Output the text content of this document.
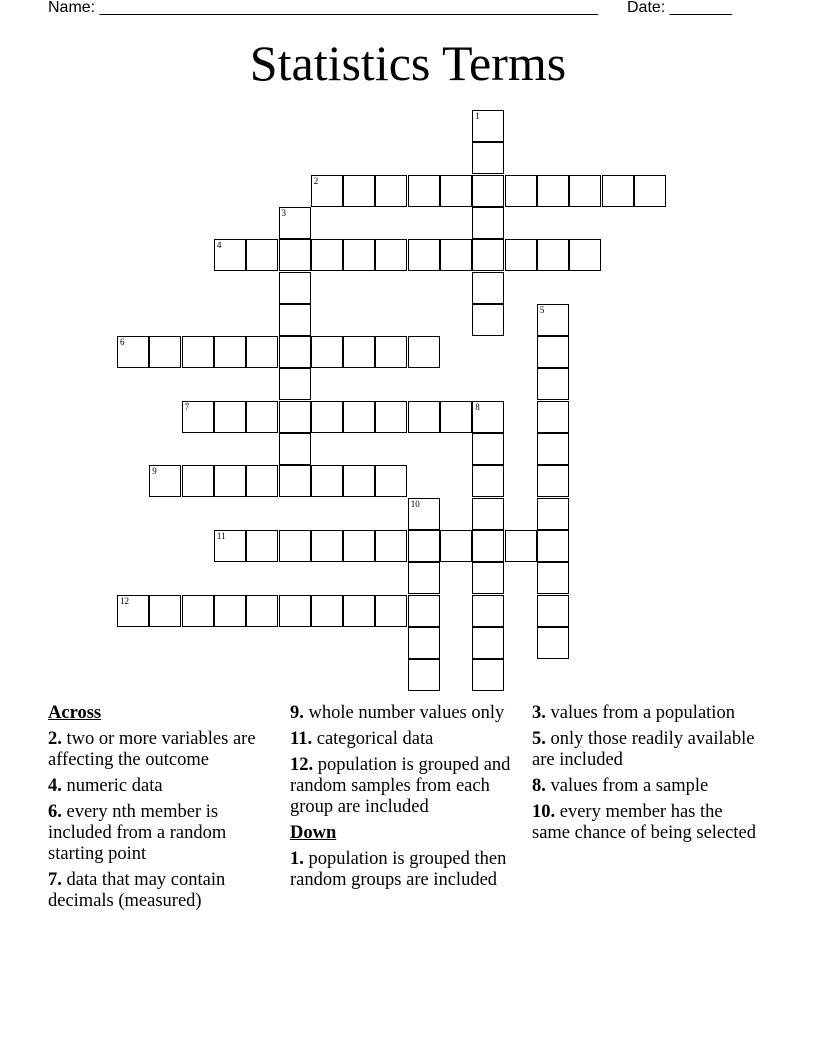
Name: ________________________________________________________ Date: _______
Statistics Terms
1
2
3
4
5
6
7	8
9
10
11
12
Across
2. two or more variables are affecting the outcome
4. numeric data
6. every nth member is included from a random starting point
7. data that may contain decimals (measured)
9. whole number values only
11. categorical data
12. population is grouped and random samples from each group are included
Down
1. population is grouped then random groups are included
3. values from a population
5. only those readily available are included
8. values from a sample
10. every member has the same chance of being selected
